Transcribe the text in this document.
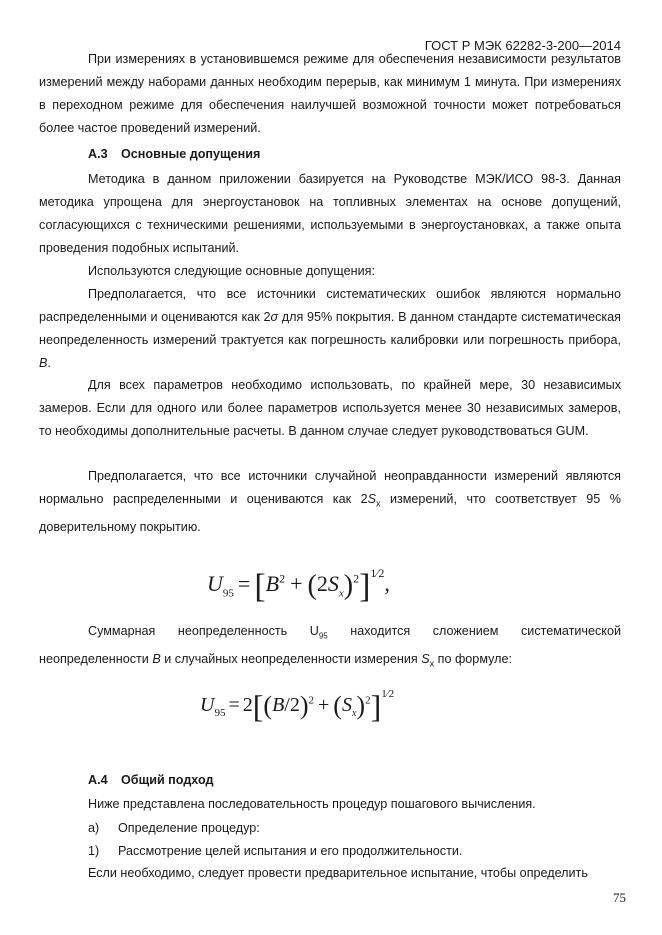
ГОСТ Р МЭК 62282-3-200—2014
При измерениях в установившемся режиме для обеспечения независимости результатов измерений между наборами данных необходим перерыв, как минимум 1 минута. При измерениях в переходном режиме для обеспечения наилучшей возможной точности может потребоваться более частое проведений измерений.
А.3 Основные допущения
Методика в данном приложении базируется на Руководстве МЭК/ИСО 98-3. Данная методика упрощена для энергоустановок на топливных элементах на основе допущений, согласующихся с техническими решениями, используемыми в энергоустановках, а также опыта проведения подобных испытаний.
Используются следующие основные допущения:
Предполагается, что все источники систематических ошибок являются нормально распределенными и оцениваются как 2σ для 95% покрытия. В данном стандарте систематическая неопределенность измерений трактуется как погрешность калибровки или погрешность прибора, B.
Для всех параметров необходимо использовать, по крайней мере, 30 независимых замеров. Если для одного или более параметров используется менее 30 независимых замеров, то необходимы дополнительные расчеты. В данном случае следует руководствоваться GUM.
Предполагается, что все источники случайной неоправданности измерений являются нормально распределенными и оцениваются как $2S_x$ измерений, что соответствует 95 % доверительному покрытию.
$U_{95} = [B^2 + (2S_x)^2]^{1⁄2}$,
Суммарная неопределенность $U_{95}$ находится сложением систематической неопределенности B и случайных неопределенности измерения $S_x$ по формуле:
$U_{95} = 2[(B/2)^2 + (S_x)^2]^{1⁄2}$
А.4 Общий подход
Ниже представлена последовательность процедур пошагового вычисления.
а) Определение процедур:
1) Рассмотрение целей испытания и его продолжительности.
Если необходимо, следует провести предварительное испытание, чтобы определить
75
